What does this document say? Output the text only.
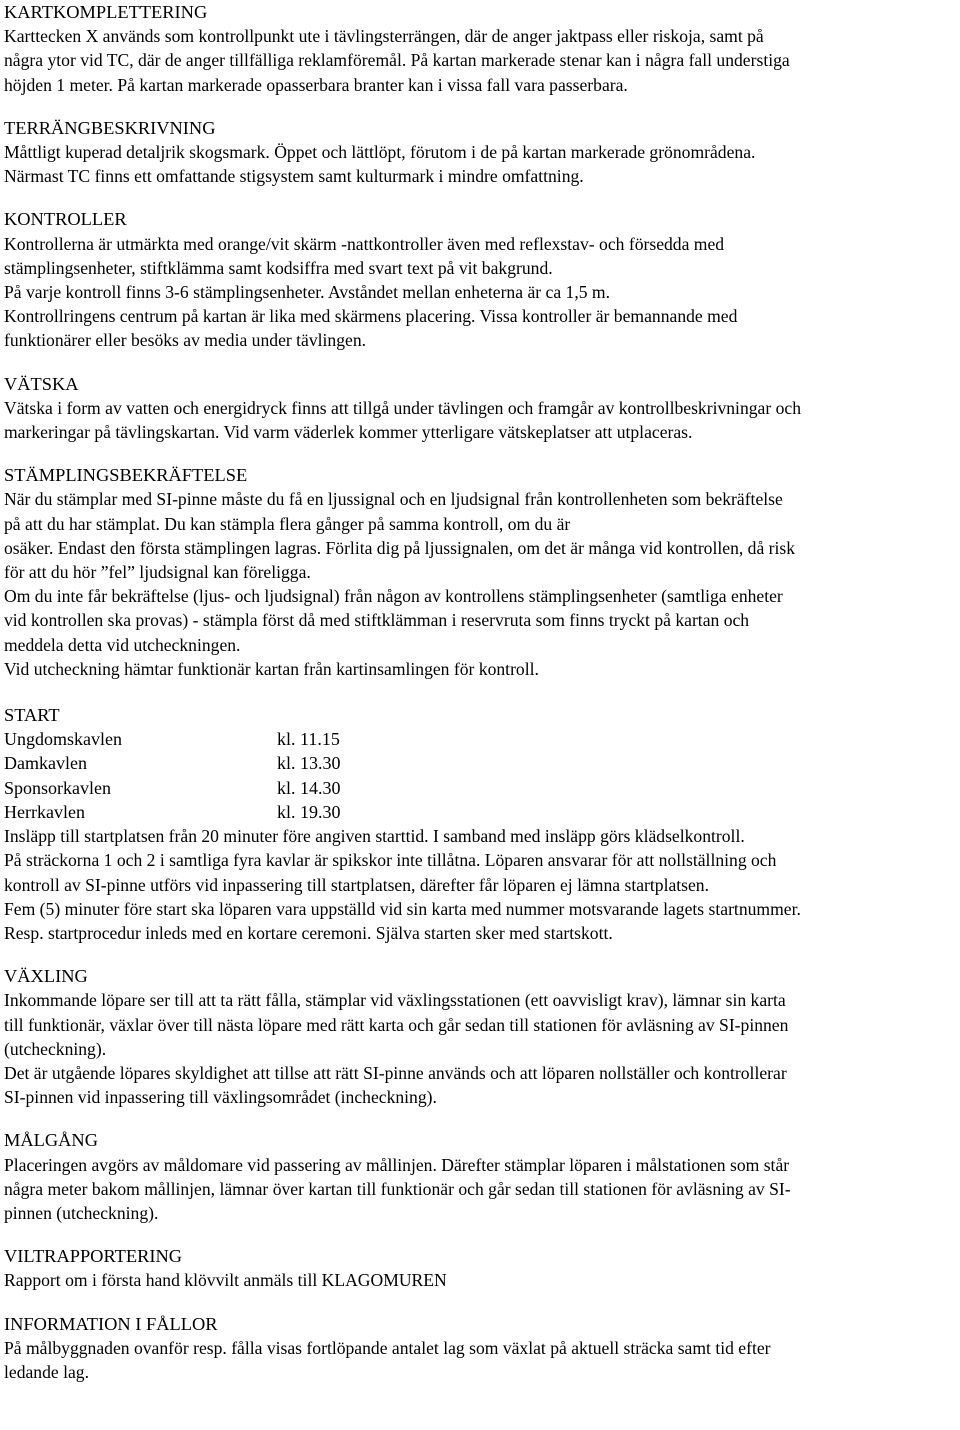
KARTKOMPLETTERING
Karttecken X används som kontrollpunkt ute i tävlingsterrängen, där de anger jaktpass eller riskoja, samt på
några ytor vid TC, där de anger tillfälliga reklamföremål. På kartan markerade stenar kan i några fall understiga
höjden 1 meter. På kartan markerade opasserbara branter kan i vissa fall vara passerbara.
TERRÄNGBESKRIVNING
Måttligt kuperad detaljrik skogsmark. Öppet och lättlöpt, förutom i de på kartan markerade grönområdena.
Närmast TC finns ett omfattande stigsystem samt kulturmark i mindre omfattning.
KONTROLLER
Kontrollerna är utmärkta med orange/vit skärm -nattkontroller även med reflexstav- och försedda med
stämplingsenheter, stiftklämma samt kodsiffra med svart text på vit bakgrund.
På varje kontroll finns 3-6 stämplingsenheter. Avståndet mellan enheterna är ca 1,5 m.
Kontrollringens centrum på kartan är lika med skärmens placering. Vissa kontroller är bemannande med
funktionärer eller besöks av media under tävlingen.
VÄTSKA
Vätska i form av vatten och energidryck finns att tillgå under tävlingen och framgår av kontrollbeskrivningar och
markeringar på tävlingskartan. Vid varm väderlek kommer ytterligare vätskeplatser att utplaceras.
STÄMPLINGSBEKRÄFTELSE
När du stämplar med SI-pinne måste du få en ljussignal och en ljudsignal från kontrollenheten som bekräftelse
på att du har stämplat. Du kan stämpla flera gånger på samma kontroll, om du är
osäker. Endast den första stämplingen lagras. Förlita dig på ljussignalen, om det är många vid kontrollen, då risk
för att du hör ”fel” ljudsignal kan föreligga.
Om du inte får bekräftelse (ljus- och ljudsignal) från någon av kontrollens stämplingsenheter (samtliga enheter
vid kontrollen ska provas) - stämpla först då med stiftklämman i reservruta som finns tryckt på kartan och
meddela detta vid utcheckningen.
Vid utcheckning hämtar funktionär kartan från kartinsamlingen för kontroll.
START
Ungdomskavlen	kl. 11.15
Damkavlen	kl. 13.30
Sponsorkavlen	kl. 14.30
Herrkavlen	kl. 19.30
Insläpp till startplatsen från 20 minuter före angiven starttid. I samband med insläpp görs klädselkontroll.
På sträckorna 1 och 2 i samtliga fyra kavlar är spikskor inte tillåtna. Löparen ansvarar för att nollställning och
kontroll av SI-pinne utförs vid inpassering till startplatsen, därefter får löparen ej lämna startplatsen.
Fem (5) minuter före start ska löparen vara uppställd vid sin karta med nummer motsvarande lagets startnummer.
Resp. startprocedur inleds med en kortare ceremoni. Själva starten sker med startskott.
VÄXLING
Inkommande löpare ser till att ta rätt fålla, stämplar vid växlingsstationen (ett oavvisligt krav), lämnar sin karta
till funktionär, växlar över till nästa löpare med rätt karta och går sedan till stationen för avläsning av SI-pinnen
(utcheckning).
Det är utgående löpares skyldighet att tillse att rätt SI-pinne används och att löparen nollställer och kontrollerar
SI-pinnen vid inpassering till växlingsområdet (incheckning).
MÅLGÅNG
Placeringen avgörs av måldomare vid passering av mållinjen. Därefter stämplar löparen i målstationen som står
några meter bakom mållinjen, lämnar över kartan till funktionär och går sedan till stationen för avläsning av SI-
pinnen (utcheckning).
VILTRAPPORTERING
Rapport om i första hand klövvilt anmäls till KLAGOMUREN
INFORMATION I FÅLLOR
På målbyggnaden ovanför resp. fålla visas fortlöpande antalet lag som växlat på aktuell sträcka samt tid efter
ledande lag.
